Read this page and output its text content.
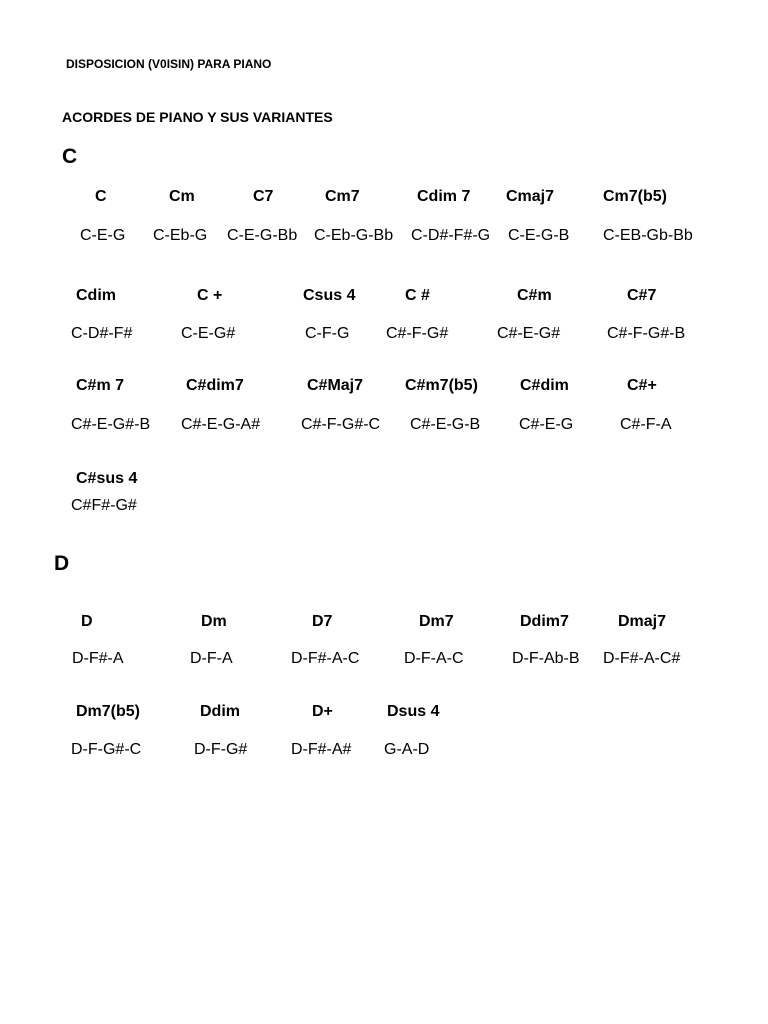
DISPOSICION (V0ISIN) PARA PIANO
ACORDES DE PIANO Y SUS VARIANTES
C
C	Cm	C7	Cm7	Cdim 7 Cmaj7	Cm7(b5)
C-E-G C-Eb-G C-E-G-Bb C-Eb-G-Bb C-D#-F#-G C-E-G-B C-EB-Gb-Bb
Cdim	C +	Csus 4	C #	C#m	C#7
C-D#-F#	C-E-G#	C-F-G C#-F-G#	C#-E-G#	C#-F-G#-B
C#m 7	C#dim7	C#Maj7	C#m7(b5)	C#dim	C#+
C#-E-G#-B C#-E-G-A#	C#-F-G#-C C#-E-G-B C#-E-G	C#-F-A
C#sus 4
C#F#-G#
D
D	Dm	D7	Dm7	Ddim7	Dmaj7
D-F#-A	D-F-A	D-F#-A-C	D-F-A-C	D-F-Ab-B D-F#-A-C#
Dm7(b5)	Ddim	D+	Dsus 4
D-F-G#-C	D-F-G#	D-F#-A# G-A-D
